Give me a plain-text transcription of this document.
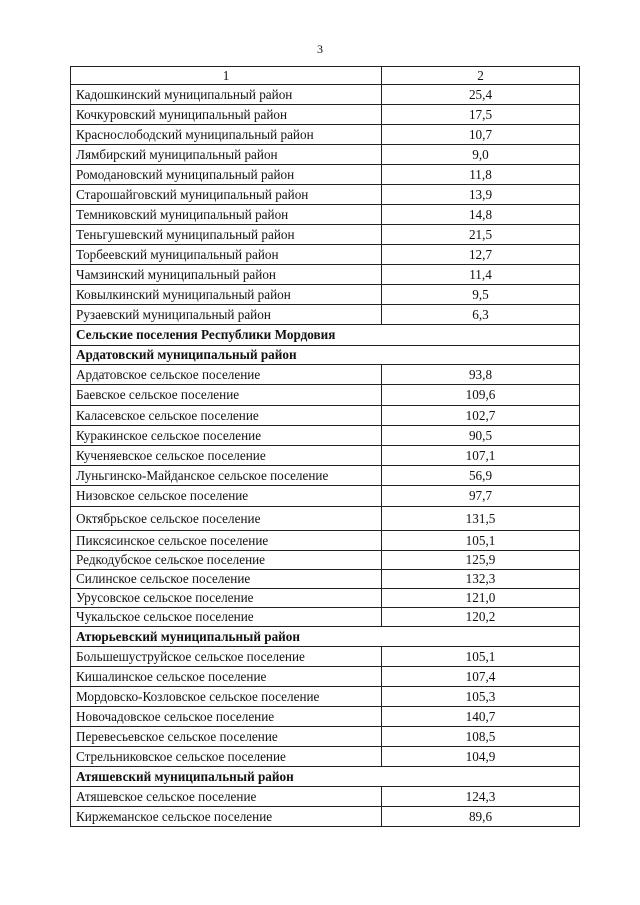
3
1	2
Кадошкинский муниципальный район	25,4
Кочкуровский муниципальный район	17,5
Краснослободский муниципальный район	10,7
Лямбирский муниципальный район	9,0
Ромодановский муниципальный район	11,8
Старошайговский муниципальный район	13,9
Темниковский муниципальный район	14,8
Теньгушевский муниципальный район	21,5
Торбеевский муниципальный район	12,7
Чамзинский муниципальный район	11,4
Ковылкинский муниципальный район	9,5
Рузаевский муниципальный район	6,3
Сельские поселения Республики Мордовия	
Ардатовский муниципальный район	
Ардатовское сельское поселение	93,8
Баевское сельское поселение	109,6
Каласевское сельское поселение	102,7
Куракинское сельское поселение	90,5
Кученяевское сельское поселение	107,1
Луньгинско-Майданское сельское поселение	56,9
Низовское сельское поселение	97,7
Октябрьское сельское поселение	131,5
Пиксясинское сельское поселение	105,1
Редкодубское сельское поселение	125,9
Силинское сельское поселение	132,3
Урусовское сельское поселение	121,0
Чукальское сельское поселение	120,2
Атюрьевский муниципальный район	
Большешуструйское сельское поселение	105,1
Кишалинское сельское поселение	107,4
Мордовско-Козловское сельское поселение	105,3
Новочадовское сельское поселение	140,7
Перевесьевское сельское поселение	108,5
Стрельниковское сельское поселение	104,9
Атяшевский муниципальный район	
Атяшевское сельское поселение	124,3
Киржеманское сельское поселение	89,6
